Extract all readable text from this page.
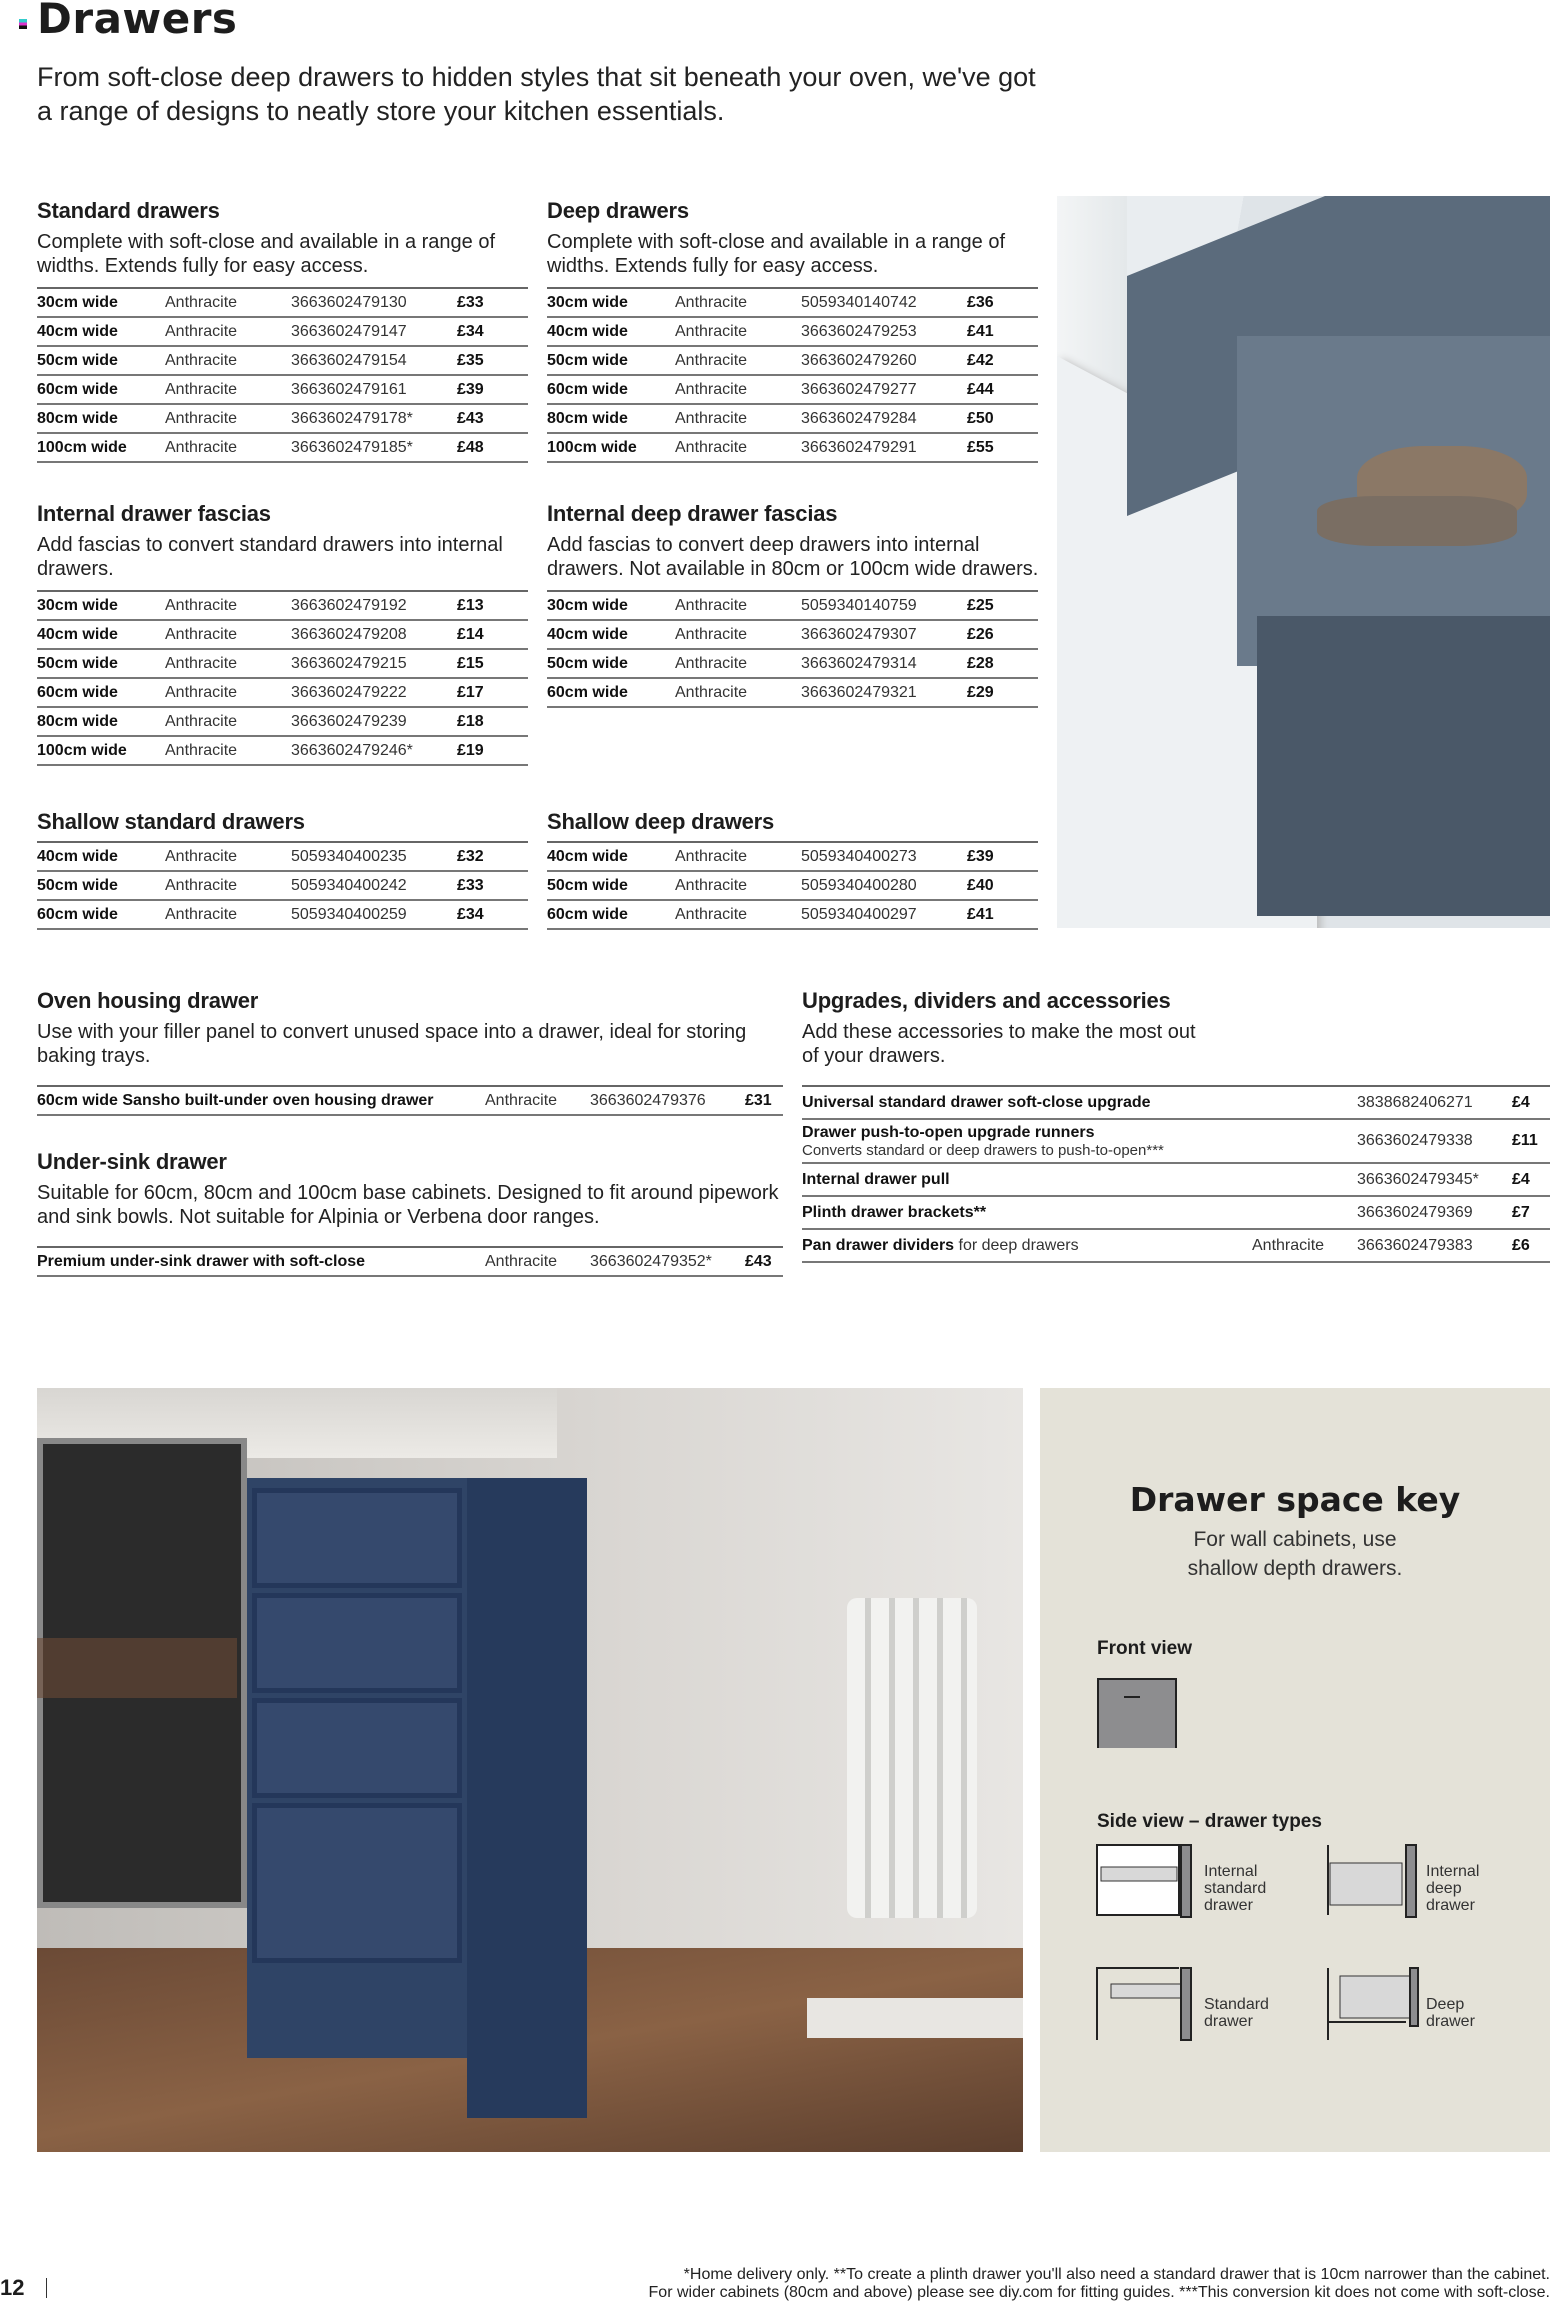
Drawers
From soft-close deep drawers to hidden styles that sit beneath your oven, we've got a range of designs to neatly store your kitchen essentials.
Standard drawers

Complete with soft-close and available in a range of widths. Extends fully for easy access.

30cm wide	Anthracite	3663602479130	£33
40cm wide	Anthracite	3663602479147	£34
50cm wide	Anthracite	3663602479154	£35
60cm wide	Anthracite	3663602479161	£39
80cm wide	Anthracite	3663602479178*	£43
100cm wide	Anthracite	3663602479185*	£48
Deep drawers

Complete with soft-close and available in a range of widths. Extends fully for easy access.

30cm wide	Anthracite	5059340140742	£36
40cm wide	Anthracite	3663602479253	£41
50cm wide	Anthracite	3663602479260	£42
60cm wide	Anthracite	3663602479277	£44
80cm wide	Anthracite	3663602479284	£50
100cm wide	Anthracite	3663602479291	£55
Internal drawer fascias

Add fascias to convert standard drawers into internal drawers.

30cm wide	Anthracite	3663602479192	£13
40cm wide	Anthracite	3663602479208	£14
50cm wide	Anthracite	3663602479215	£15
60cm wide	Anthracite	3663602479222	£17
80cm wide	Anthracite	3663602479239	£18
100cm wide	Anthracite	3663602479246*	£19
Internal deep drawer fascias

Add fascias to convert deep drawers into internal drawers. Not available in 80cm or 100cm wide drawers.

30cm wide	Anthracite	5059340140759	£25
40cm wide	Anthracite	3663602479307	£26
50cm wide	Anthracite	3663602479314	£28
60cm wide	Anthracite	3663602479321	£29
Shallow standard drawers
40cm wide	Anthracite	5059340400235	£32
50cm wide	Anthracite	5059340400242	£33
60cm wide	Anthracite	5059340400259	£34
Shallow deep drawers
40cm wide	Anthracite	5059340400273	£39
50cm wide	Anthracite	5059340400280	£40
60cm wide	Anthracite	5059340400297	£41
Oven housing drawer

Use with your filler panel to convert unused space into a drawer, ideal for storing baking trays.

60cm wide Sansho built-under oven housing drawer	Anthracite	3663602479376	£31
Under-sink drawer

Suitable for 60cm, 80cm and 100cm base cabinets. Designed to fit around pipework and sink bowls. Not suitable for Alpinia or Verbena door ranges.

Premium under-sink drawer with soft-close	Anthracite	3663602479352*	£43
Upgrades, dividers and accessories

Add these accessories to make the most out of your drawers.

Universal standard drawer soft-close upgrade		3838682406271	£4
Drawer push-to-open upgrade runners
Converts standard or deep drawers to push-to-open***		3663602479338	£11
Internal drawer pull		3663602479345*	£4
Plinth drawer brackets**		3663602479369	£7
Pan drawer dividers for deep drawers	Anthracite	3663602479383	£6
Drawer space key
For wall cabinets, use
shallow depth drawers.
Front view
Side view – drawer types
Internal standard drawer
Internal deep drawer
Standard drawer
Deep drawer
12
*Home delivery only. **To create a plinth drawer you'll also need a standard drawer that is 10cm narrower than the cabinet.
For wider cabinets (80cm and above) please see diy.com for fitting guides. ***This conversion kit does not come with soft-close.
